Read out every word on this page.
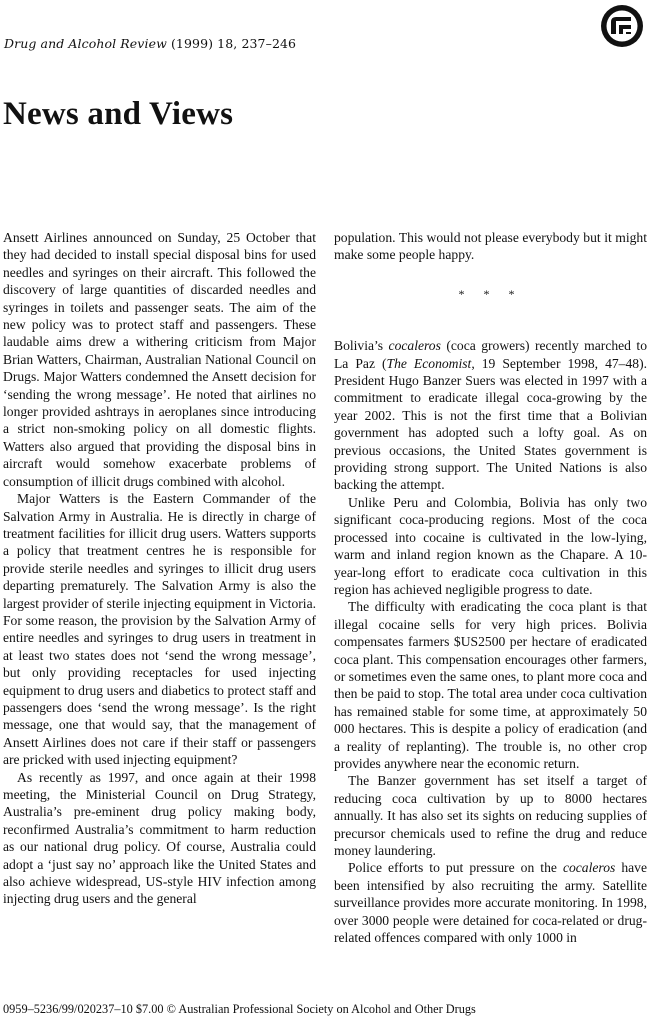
Drug and Alcohol Review (1999) 18, 237–246
News and Views

Ansett Airlines announced on Sunday, 25 October that they had decided to install special disposal bins for used needles and syringes on their aircraft. This followed the discovery of large quantities of discarded needles and syringes in toilets and passenger seats. The aim of the new policy was to protect staff and passengers. These laudable aims drew a withering criticism from Major Brian Watters, Chairman, Australian National Council on Drugs. Major Watters condemned the Ansett decision for ‘sending the wrong message’. He noted that airlines no longer provided ashtrays in aeroplanes since introducing a strict non-smoking policy on all domestic flights. Watters also argued that providing the disposal bins in aircraft would somehow exacerbate problems of consumption of illicit drugs combined with alcohol.

Major Watters is the Eastern Commander of the Salvation Army in Australia. He is directly in charge of treatment facilities for illicit drug users. Watters supports a policy that treatment centres he is responsible for provide sterile needles and syringes to illicit drug users departing prematurely. The Salvation Army is also the largest provider of sterile injecting equipment in Victoria. For some reason, the provision by the Salvation Army of entire needles and syringes to drug users in treatment in at least two states does not ‘send the wrong message’, but only providing receptacles for used injecting equipment to drug users and diabetics to protect staff and passengers does ‘send the wrong message’. Is the right message, one that would say, that the management of Ansett Airlines does not care if their staff or passengers are pricked with used injecting equipment?

As recently as 1997, and once again at their 1998 meeting, the Ministerial Council on Drug Strategy, Australia’s pre-eminent drug policy making body, reconfirmed Australia’s commitment to harm reduction as our national drug policy. Of course, Australia could adopt a ‘just say no’ approach like the United States and also achieve widespread, US-style HIV infection among injecting drug users and the general

population. This would not please everybody but it might make some people happy.

* * *

Bolivia’s cocaleros (coca growers) recently marched to La Paz (The Economist, 19 September 1998, 47–48). President Hugo Banzer Suers was elected in 1997 with a commitment to eradicate illegal coca-growing by the year 2002. This is not the first time that a Bolivian government has adopted such a lofty goal. As on previous occasions, the United States government is providing strong support. The United Nations is also backing the attempt.

Unlike Peru and Colombia, Bolivia has only two significant coca-producing regions. Most of the coca processed into cocaine is cultivated in the low-lying, warm and inland region known as the Chapare. A 10-year-long effort to eradicate coca cultivation in this region has achieved negligible progress to date.

The difficulty with eradicating the coca plant is that illegal cocaine sells for very high prices. Bolivia compensates farmers $US2500 per hectare of eradicated coca plant. This compensation encourages other farmers, or sometimes even the same ones, to plant more coca and then be paid to stop. The total area under coca cultivation has remained stable for some time, at approximately 50 000 hectares. This is despite a policy of eradication (and a reality of replanting). The trouble is, no other crop provides anywhere near the economic return.

The Banzer government has set itself a target of reducing coca cultivation by up to 8000 hectares annually. It has also set its sights on reducing supplies of precursor chemicals used to refine the drug and reduce money laundering.

Police efforts to put pressure on the cocaleros have been intensified by also recruiting the army. Satellite surveillance provides more accurate monitoring. In 1998, over 3000 people were detained for coca-related or drug-related offences compared with only 1000 in

0959–5236/99/020237–10 $7.00 © Australian Professional Society on Alcohol and Other Drugs
